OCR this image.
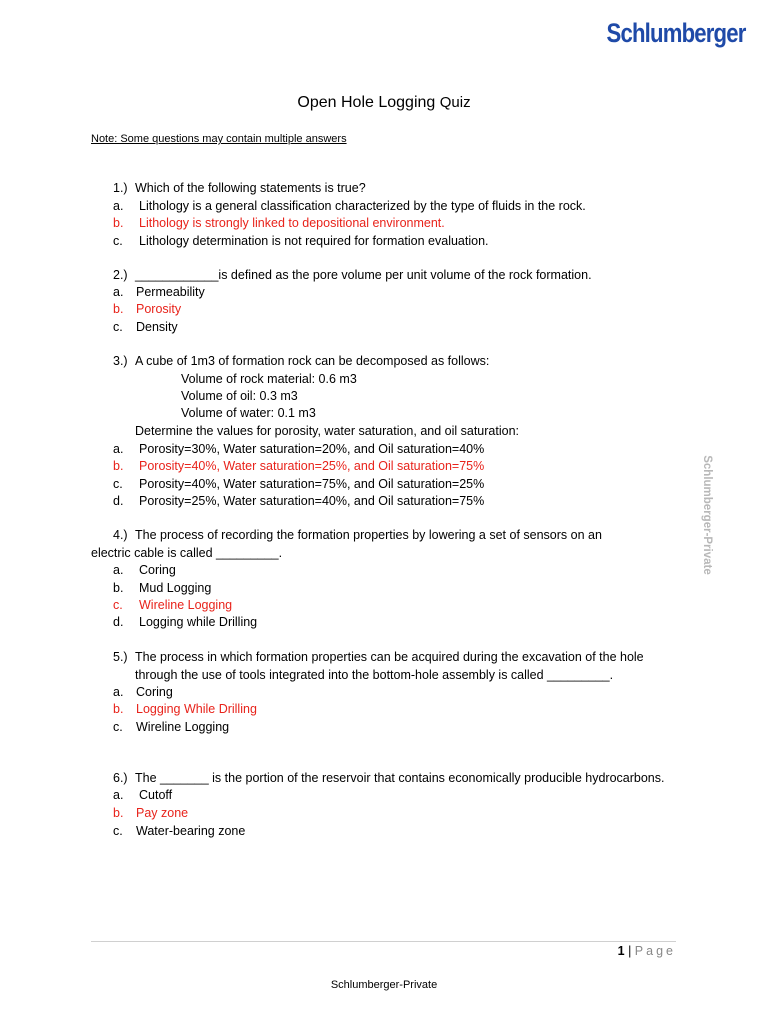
Schlumberger
Open Hole Logging Quiz
Note: Some questions may contain multiple answers
1.) Which of the following statements is true?
a. Lithology is a general classification characterized by the type of fluids in the rock.
b. Lithology is strongly linked to depositional environment.
c. Lithology determination is not required for formation evaluation.
2.) ____________is defined as the pore volume per unit volume of the rock formation.
a. Permeability
b. Porosity
c. Density
3.) A cube of 1m3 of formation rock can be decomposed as follows:
Volume of rock material: 0.6 m3
Volume of oil: 0.3 m3
Volume of water: 0.1 m3
Determine the values for porosity, water saturation, and oil saturation:
a. Porosity=30%, Water saturation=20%, and Oil saturation=40%
b. Porosity=40%, Water saturation=25%, and Oil saturation=75%
c. Porosity=40%, Water saturation=75%, and Oil saturation=25%
d. Porosity=25%, Water saturation=40%, and Oil saturation=75%
4.) The process of recording the formation properties by lowering a set of sensors on an
electric cable is called _________.
a. Coring
b. Mud Logging
c. Wireline Logging
d. Logging while Drilling
5.) The process in which formation properties can be acquired during the excavation of the hole
through the use of tools integrated into the bottom-hole assembly is called _________.
a. Coring
b. Logging While Drilling
c. Wireline Logging
6.) The _______ is the portion of the reservoir that contains economically producible hydrocarbons.
a. Cutoff
b. Pay zone
c. Water-bearing zone
Schlumberger-Private
1 | Page
Schlumberger-Private
